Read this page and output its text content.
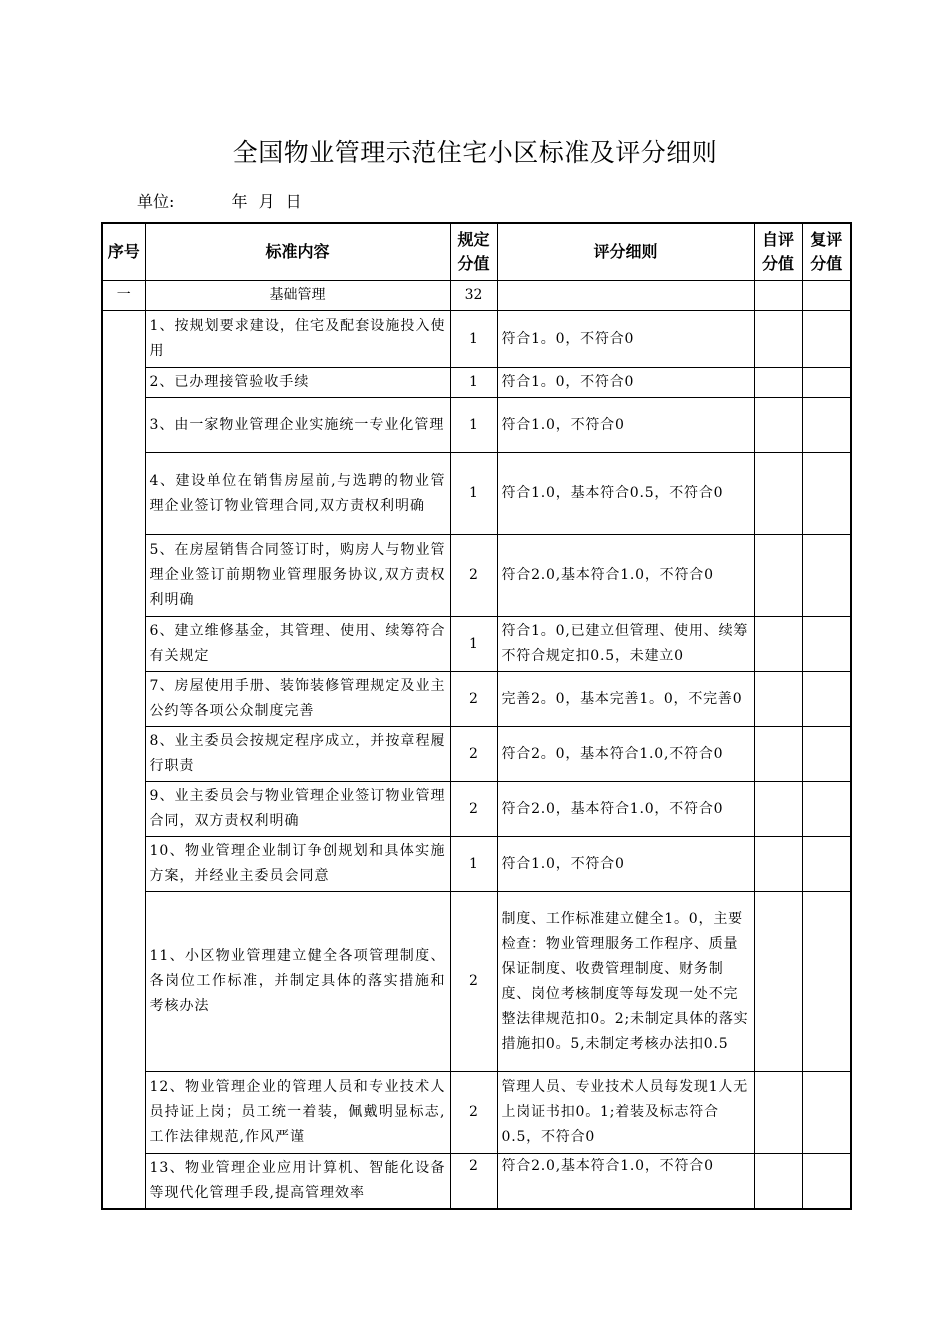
全国物业管理示范住宅小区标准及评分细则
单位:	年 月 日
序号	标准内容	规定分值	评分细则	自评分值	复评分值
一	基础管理	32			
	1、按规划要求建设，住宅及配套设施投入使用	1	符合1。0，不符合0		
	2、已办理接管验收手续	1	符合1。0，不符合0		
	3、由一家物业管理企业实施统一专业化管理	1	符合1.0，不符合0		
	4、建设单位在销售房屋前,与选聘的物业管理企业签订物业管理合同,双方责权利明确	1	符合1.0，基本符合0.5，不符合0		
	5、在房屋销售合同签订时，购房人与物业管理企业签订前期物业管理服务协议,双方责权利明确	2	符合2.0,基本符合1.0，不符合0		
	6、建立维修基金，其管理、使用、续筹符合有关规定	1	符合1。0,已建立但管理、使用、续筹不符合规定扣0.5，未建立0		
	7、房屋使用手册、装饰装修管理规定及业主公约等各项公众制度完善	2	完善2。0，基本完善1。0，不完善0		
	8、业主委员会按规定程序成立，并按章程履行职责	2	符合2。0，基本符合1.0,不符合0		
	9、业主委员会与物业管理企业签订物业管理合同，双方责权利明确	2	符合2.0，基本符合1.0，不符合0		
	10、物业管理企业制订争创规划和具体实施方案，并经业主委员会同意	1	符合1.0，不符合0		
	11、小区物业管理建立健全各项管理制度、各岗位工作标准，并制定具体的落实措施和考核办法	2	制度、工作标准建立健全1。0，主要检查：物业管理服务工作程序、质量保证制度、收费管理制度、财务制度、岗位考核制度等每发现一处不完整法律规范扣0。2;未制定具体的落实措施扣0。5,未制定考核办法扣0.5		
	12、物业管理企业的管理人员和专业技术人员持证上岗；员工统一着装，佩戴明显标志,工作法律规范,作风严谨	2	管理人员、专业技术人员每发现1人无上岗证书扣0。1;着装及标志符合0.5，不符合0		
	13、物业管理企业应用计算机、智能化设备等现代化管理手段,提高管理效率	2	符合2.0,基本符合1.0，不符合0		
